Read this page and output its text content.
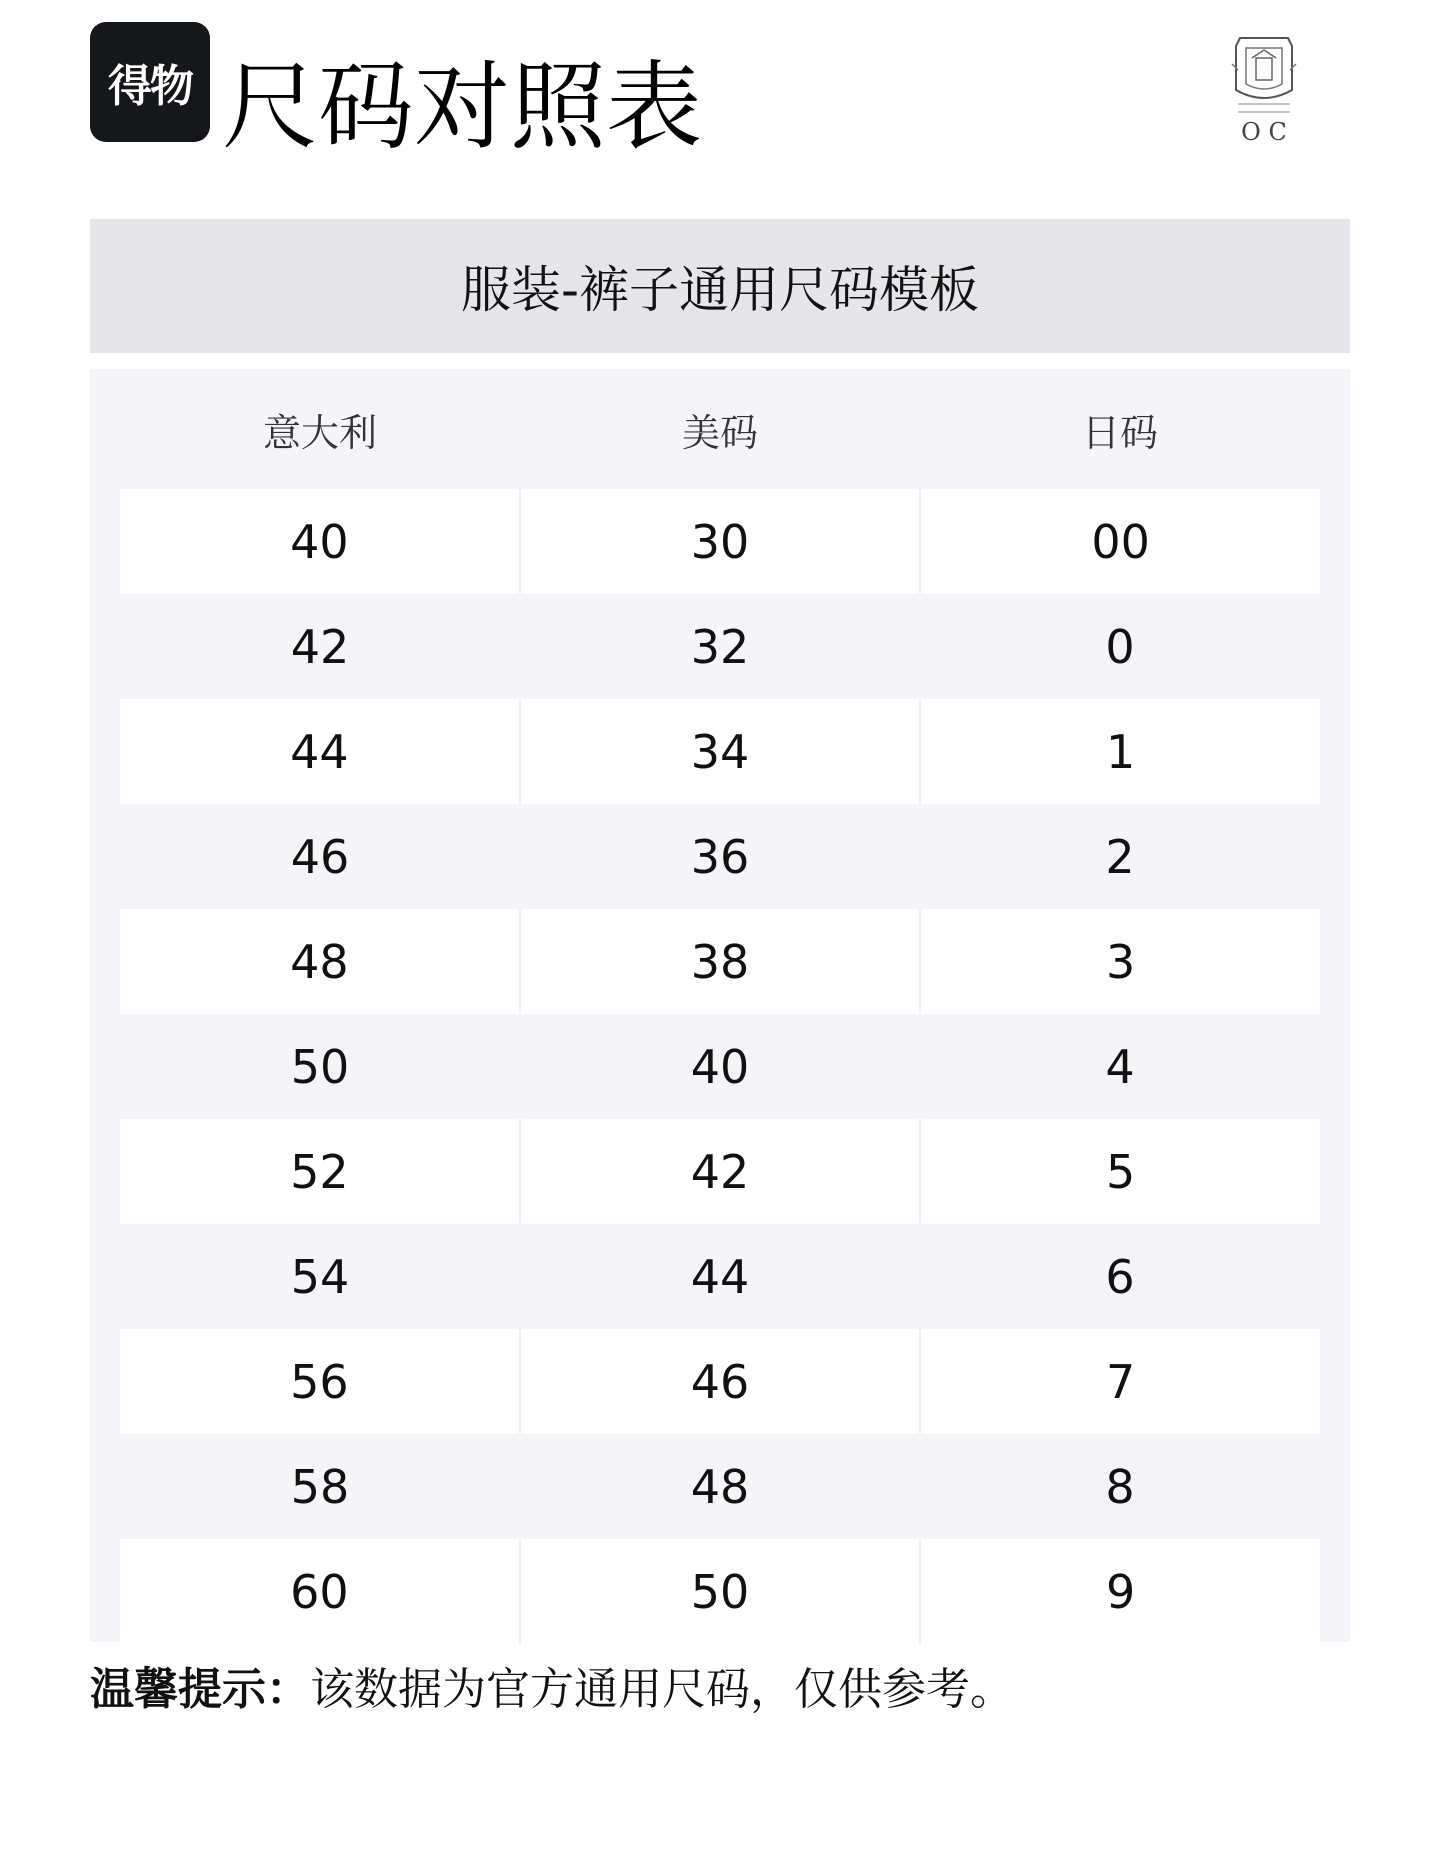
得物 尺码对照表	O C
服装-裤子通用尺码模板
意大利	美码	日码
40	30	00
42	32	0
44	34	1
46	36	2
48	38	3
50	40	4
52	42	5
54	44	6
56	46	7
58	48	8
60	50	9
温馨提示：该数据为官方通用尺码，仅供参考。
